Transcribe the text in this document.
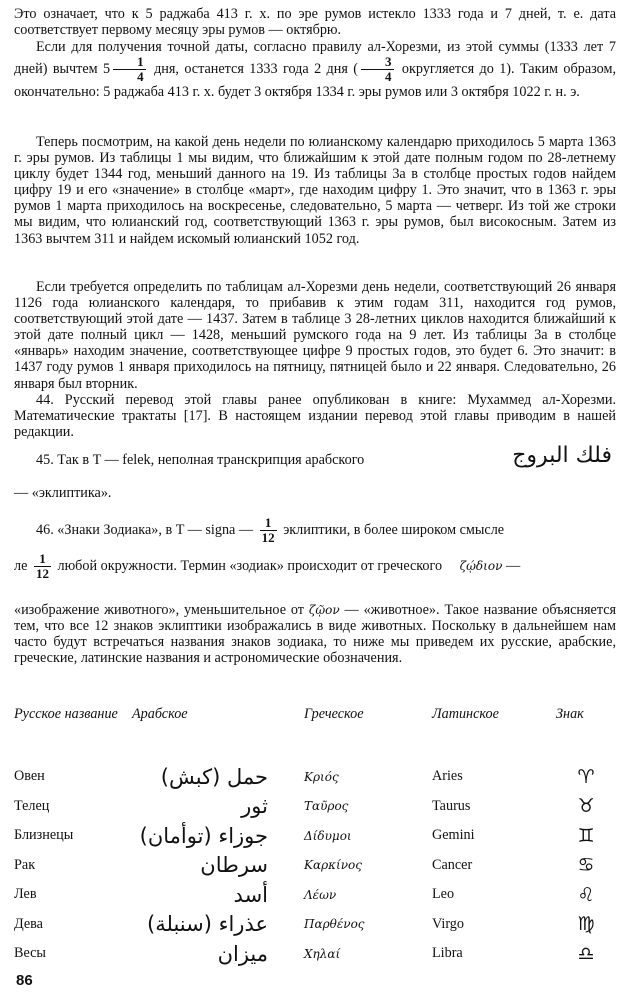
Это означает, что к 5 раджаба 413 г. х. по эре румов истекло 1333 года и 7 дней, т. е. дата соответствует первому месяцу эры румов — октябрю.

Если для получения точной даты, согласно правилу ал-Хорезми, из этой суммы (1333 лет 7 дней) вычтем $5 \frac{1}{4}$ дня, останется 1333 года 2 дня ( $\frac{3}{4}$ округляется до 1). Таким образом, окончательно: 5 раджаба 413 г. х. будет 3 октября 1334 г. эры румов или 3 октября 1022 г. н. э.

Теперь посмотрим, на какой день недели по юлианскому календарю приходилось 5 марта 1363 г. эры румов. Из таблицы 1 мы видим, что ближайшим к этой дате полным годом по 28-летнему циклу будет 1344 год, меньший данного на 19. Из таблицы 3а в столбце простых годов найдем цифру 19 и его «значение» в столбце «март», где находим цифру 1. Это значит, что в 1363 г. эры румов 1 марта приходилось на воскресенье, следовательно, 5 марта — четверг. Из той же строки мы видим, что юлианский год, соответствующий 1363 г. эры румов, был високосным. Затем из 1363 вычтем 311 и найдем искомый юлианский 1052 год.

Если требуется определить по таблицам ал-Хорезми день недели, соответствующий 26 января 1126 года юлианского календаря, то прибавив к этим годам 311, находится год румов, соответствующий этой дате — 1437. Затем в таблице 3 28-летних циклов находится ближайший к этой дате полный цикл — 1428, меньший румского года на 9 лет. Из таблицы 3а в столбце «январь» находим значение, соответствующее цифре 9 простых годов, это будет 6. Это значит: в 1437 году румов 1 января приходилось на пятницу, пятницей было и 22 января. Следовательно, 26 января был вторник.

44. Русский перевод этой главы ранее опубликован в книге: Мухаммед ал-Хорезми. Математические трактаты [17]. В настоящем издании перевод этой главы приводим в нашей редакции.

45. Так в T — felek, неполная транскрипция арабского	فلك البروج
— «эклиптика».
46. «Знаки Зодиака», в T — signa — $\frac{1}{12}$ эклиптики, в более широком смысле
ле $\frac{1}{12}$ любой окружности. Термин «зодиак» происходит от греческого ζῴδιον —
«изображение животного», уменьшительное от ζῷον — «животное». Такое название объясняется тем, что все 12 знаков эклиптики изображались в виде животных. Поскольку в дальнейшем нам часто будут встречаться названия знаков зодиака, то ниже мы приведем их русские, арабские, греческие, латинские названия и астрономические обозначения.
Русское название	Арабское	Греческое	Латинское	Знак
Овен	حمل (كبش)	Κριός	Aries	♈
Телец	ثور	Ταῦρος	Taurus	♉
Близнецы	جوزاء (توأمان)	Δίδυμοι	Gemini	♊
Рак	سرطان	Καρκίνος	Cancer	♋
Лев	أسد	Λέων	Leo	♌
Дева	عذراء (سنبلة)	Παρθένος	Virgo	♍
Весы	ميزان	Χηλαί	Libra	♎
86
